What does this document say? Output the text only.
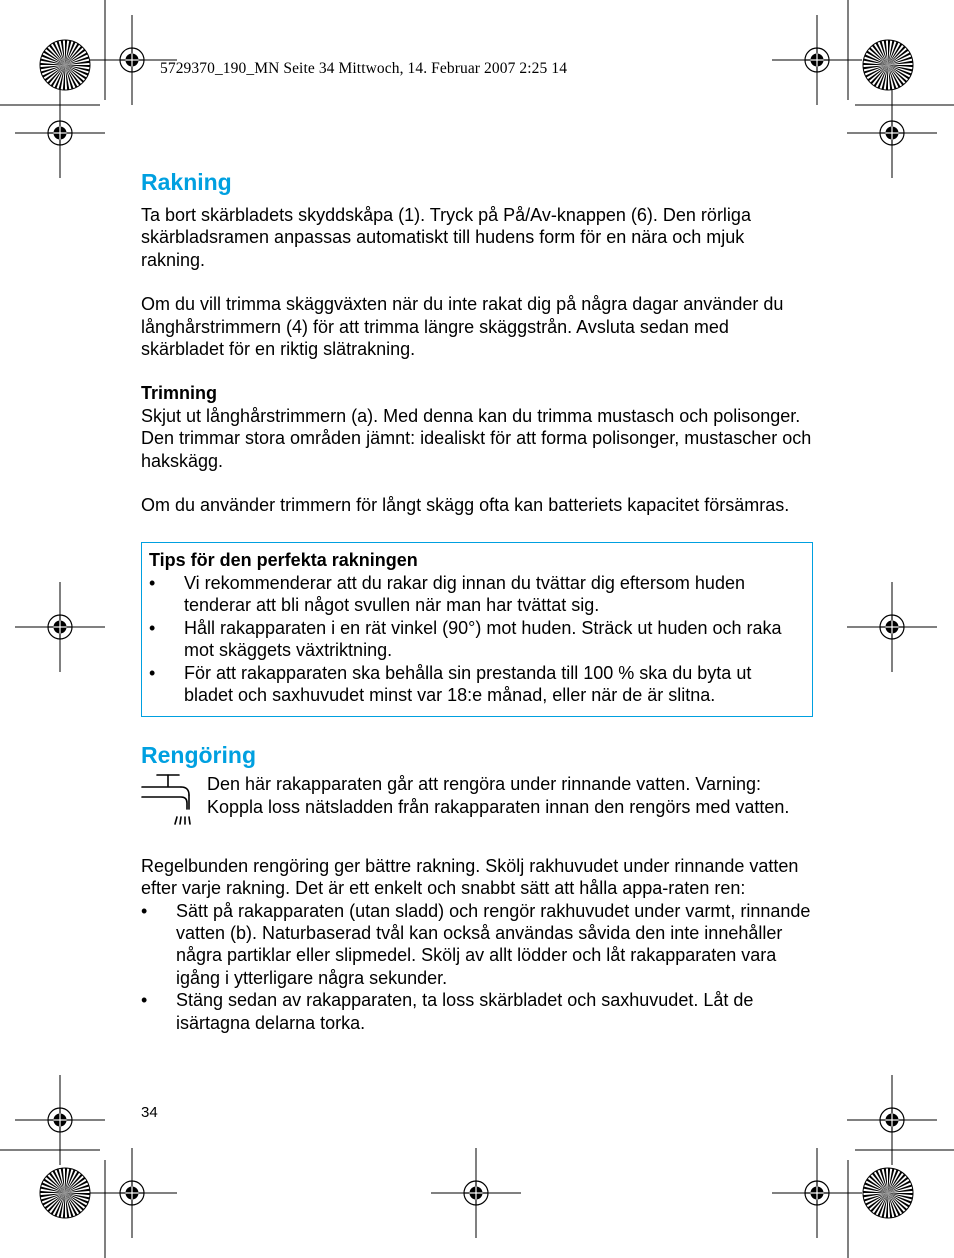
5729370_190_MN Seite 34 Mittwoch, 14. Februar 2007 2:25 14
Rakning

Ta bort skärbladets skyddskåpa (1). Tryck på På/Av-knappen (6). Den rörliga skärbladsramen anpassas automatiskt till hudens form för en nära och mjuk rakning.

Om du vill trimma skäggväxten när du inte rakat dig på några dagar använder du långhårstrimmern (4) för att trimma längre skäggstrån. Avsluta sedan med skärbladet för en riktig slätrakning.

Trimning

Skjut ut långhårstrimmern (a). Med denna kan du trimma mustasch och polisonger. Den trimmar stora områden jämnt: idealiskt för att forma polisonger, mustascher och hakskägg.

Om du använder trimmern för långt skägg ofta kan batteriets kapacitet försämras.

Tips för den perfekta rakningen

• Vi rekommenderar att du rakar dig innan du tvättar dig eftersom huden tenderar att bli något svullen när man har tvättat sig.
• Håll rakapparaten i en rät vinkel (90°) mot huden. Sträck ut huden och raka mot skäggets växtriktning.
• För att rakapparaten ska behålla sin prestanda till 100 % ska du byta ut bladet och saxhuvudet minst var 18:e månad, eller när de är slitna.
Rengöring

Den här rakapparaten går att rengöra under rinnande vatten. Varning: Koppla loss nätsladden från rakapparaten innan den rengörs med vatten.

Regelbunden rengöring ger bättre rakning. Skölj rakhuvudet under rinnande vatten efter varje rakning. Det är ett enkelt och snabbt sätt att hålla appa-raten ren:

• Sätt på rakapparaten (utan sladd) och rengör rakhuvudet under varmt, rinnande vatten (b). Naturbaserad tvål kan också användas såvida den inte innehåller några partiklar eller slipmedel. Skölj av allt lödder och låt rakapparaten vara igång i ytterligare några sekunder.
• Stäng sedan av rakapparaten, ta loss skärbladet och saxhuvudet. Låt de isärtagna delarna torka.
34
